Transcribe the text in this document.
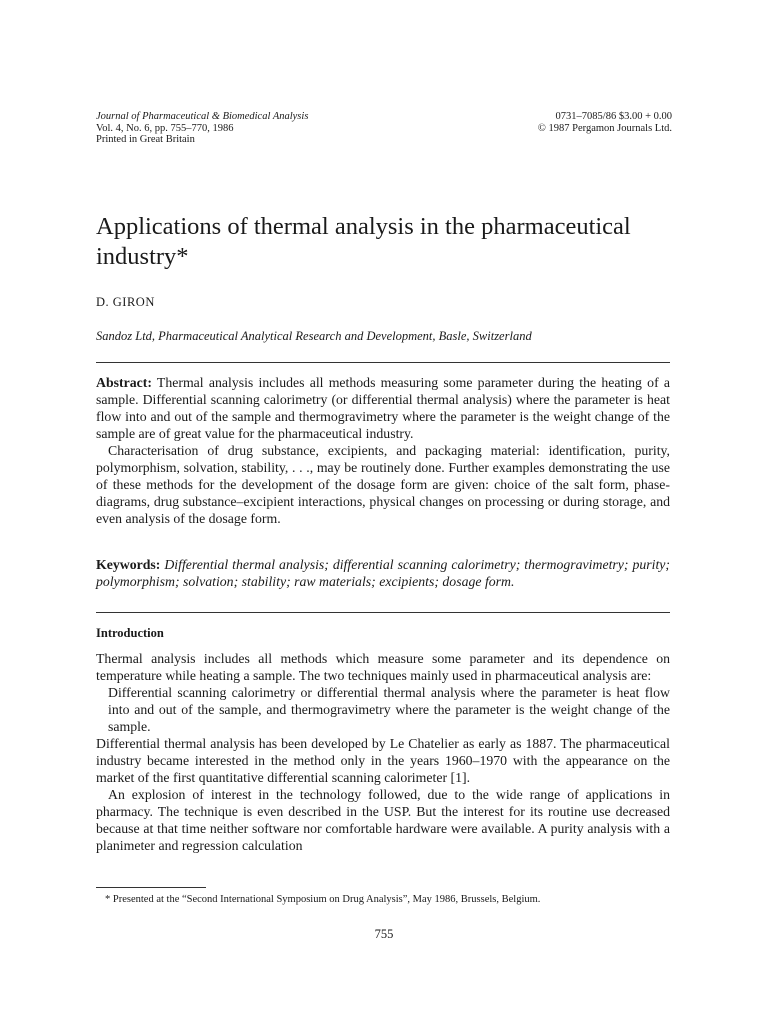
Journal of Pharmaceutical & Biomedical Analysis
Vol. 4, No. 6, pp. 755–770, 1986
Printed in Great Britain
0731–7085/86 $3.00 + 0.00
© 1987 Pergamon Journals Ltd.
Applications of thermal analysis in the pharmaceutical industry*
D. GIRON
Sandoz Ltd, Pharmaceutical Analytical Research and Development, Basle, Switzerland

Abstract: Thermal analysis includes all methods measuring some parameter during the heating of a sample. Differential scanning calorimetry (or differential thermal analysis) where the parameter is heat flow into and out of the sample and thermogravimetry where the parameter is the weight change of the sample are of great value for the pharmaceutical industry.

Characterisation of drug substance, excipients, and packaging material: identification, purity, polymorphism, solvation, stability, . . ., may be routinely done. Further examples demonstrating the use of these methods for the development of the dosage form are given: choice of the salt form, phase-diagrams, drug substance–excipient interactions, physical changes on processing or during storage, and even analysis of the dosage form.

Keywords: Differential thermal analysis; differential scanning calorimetry; thermogravimetry; purity; polymorphism; solvation; stability; raw materials; excipients; dosage form.
Introduction

Thermal analysis includes all methods which measure some parameter and its dependence on temperature while heating a sample. The two techniques mainly used in pharmaceutical analysis are:

Differential scanning calorimetry or differential thermal analysis where the parameter is heat flow into and out of the sample, and thermogravimetry where the parameter is the weight change of the sample.

Differential thermal analysis has been developed by Le Chatelier as early as 1887. The pharmaceutical industry became interested in the method only in the years 1960–1970 with the appearance on the market of the first quantitative differential scanning calorimeter [1].

An explosion of interest in the technology followed, due to the wide range of applications in pharmacy. The technique is even described in the USP. But the interest for its routine use decreased because at that time neither software nor comfortable hardware were available. A purity analysis with a planimeter and regression calculation

* Presented at the “Second International Symposium on Drug Analysis”, May 1986, Brussels, Belgium.
755
